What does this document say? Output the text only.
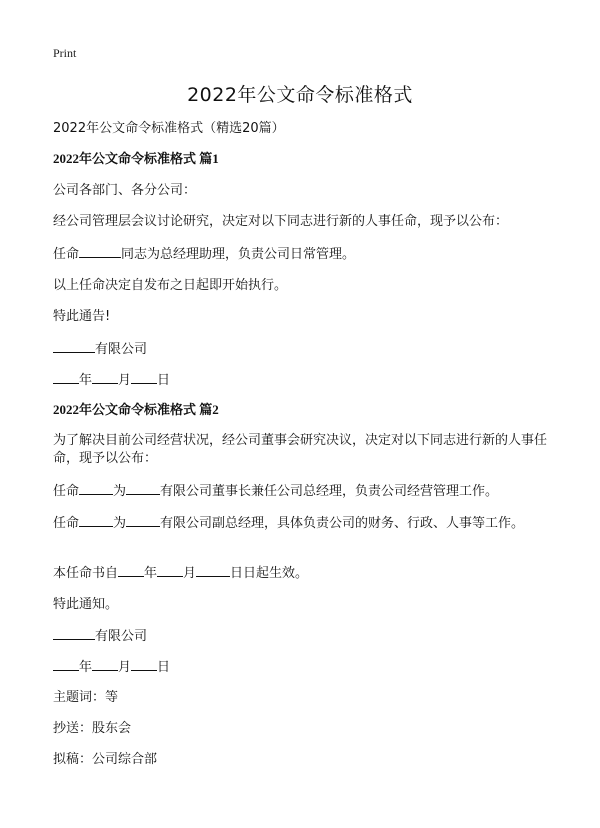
Print
2022年公文命令标准格式
2022年公文命令标准格式（精选20篇）
2022年公文命令标准格式 篇1
公司各部门、各分公司：
经公司管理层会议讨论研究，决定对以下同志进行新的人事任命，现予以公布：
任命	同志为总经理助理，负责公司日常管理。
以上任命决定自发布之日起即开始执行。
特此通告!
有限公司
年 月 日
2022年公文命令标准格式 篇2
为了解决目前公司经营状况，经公司董事会研究决议，决定对以下同志进行新的人事任命，现予以公布：
任命	为	有限公司董事长兼任公司总经理，负责公司经营管理工作。
任命	为	有限公司副总经理，具体负责公司的财务、行政、人事等工作。
本任命书自 年 月	日日起生效。
特此通知。
有限公司
年 月 日
主题词：等
抄送：股东会
拟稿：公司综合部
